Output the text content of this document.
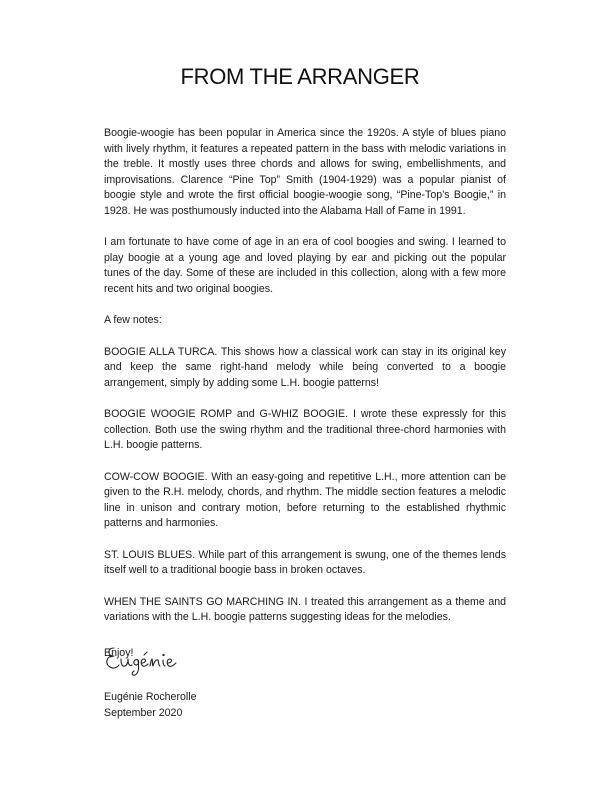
FROM THE ARRANGER

Boogie-woogie has been popular in America since the 1920s. A style of blues piano with lively rhythm, it features a repeated pattern in the bass with melodic variations in the treble. It mostly uses three chords and allows for swing, embellishments, and improvisations. Clarence “Pine Top” Smith (1904-1929) was a popular pianist of boogie style and wrote the first official boogie-woogie song, “Pine-Top’s Boogie,” in 1928. He was posthumously inducted into the Alabama Hall of Fame in 1991.

I am fortunate to have come of age in an era of cool boogies and swing. I learned to play boogie at a young age and loved playing by ear and picking out the popular tunes of the day. Some of these are included in this collection, along with a few more recent hits and two original boogies.

A few notes:

BOOGIE ALLA TURCA. This shows how a classical work can stay in its original key and keep the same right-hand melody while being converted to a boogie arrangement, simply by adding some L.H. boogie patterns!

BOOGIE WOOGIE ROMP and G-WHIZ BOOGIE. I wrote these expressly for this collection. Both use the swing rhythm and the traditional three-chord harmonies with L.H. boogie patterns.

COW-COW BOOGIE. With an easy-going and repetitive L.H., more attention can be given to the R.H. melody, chords, and rhythm. The middle section features a melodic line in unison and contrary motion, before returning to the established rhythmic patterns and harmonies.

ST. LOUIS BLUES. While part of this arrangement is swung, one of the themes lends itself well to a traditional boogie bass in broken octaves.

WHEN THE SAINTS GO MARCHING IN. I treated this arrangement as a theme and variations with the L.H. boogie patterns suggesting ideas for the melodies.

Enjoy!

Eugénie Rocherolle
September 2020
